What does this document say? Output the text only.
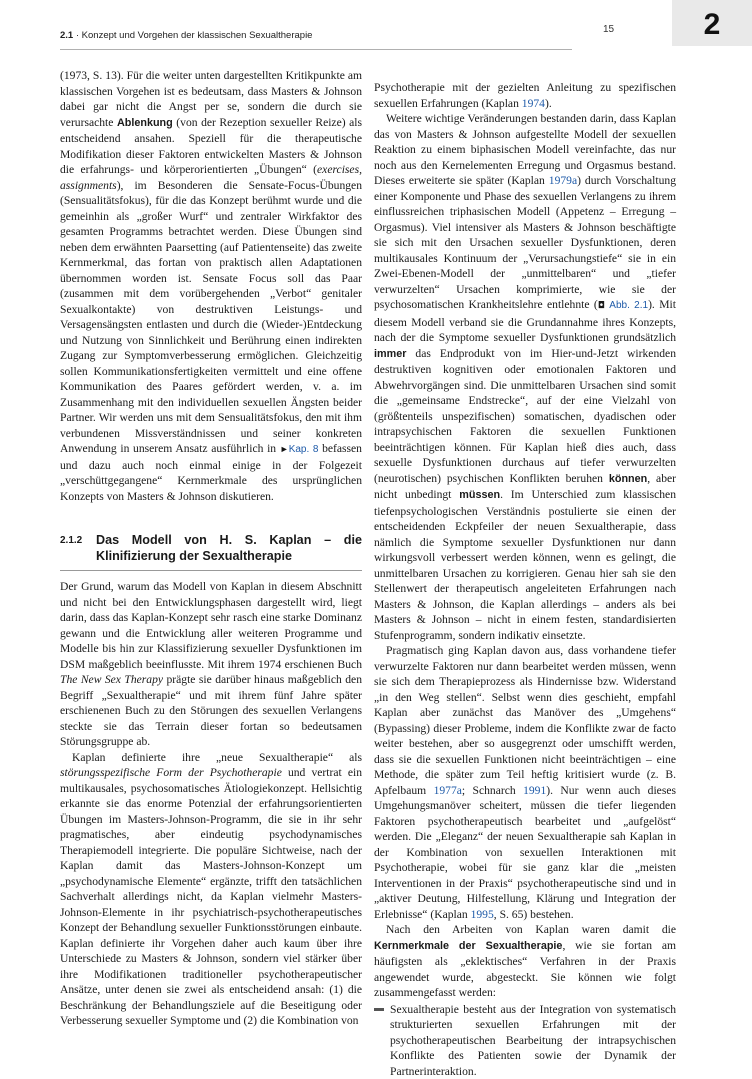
2.1 · Konzept und Vorgehen der klassischen Sexualtherapie
15	2

(1973, S. 13). Für die weiter unten dargestellten Kritikpunkte am klassischen Vorgehen ist es bedeutsam, dass Masters & Johnson dabei gar nicht die Angst per se, sondern die durch sie verursachte Ablenkung (von der Rezeption sexueller Reize) als entscheidend ansahen. Speziell für die therapeutische Modifikation dieser Faktoren entwickelten Masters & Johnson die erfahrungs- und körperorientierten „Übungen“ (exercises, assignments), im Besonderen die Sensate-Focus-Übungen (Sensualitätsfokus), für die das Konzept berühmt wurde und die gemeinhin als „großer Wurf“ und zentraler Wirkfaktor des gesamten Programms betrachtet werden. Diese Übungen sind neben dem erwähnten Paarsetting (auf Patientenseite) das zweite Kernmerkmal, das fortan von praktisch allen Adaptationen übernommen worden ist. Sensate Focus soll das Paar (zusammen mit dem vorübergehenden „Verbot“ genitaler Sexualkontakte) von destruktiven Leistungs- und Versagensängsten entlasten und durch die (Wieder-)Entdeckung und Nutzung von Sinnlichkeit und Berührung einen indirekten Zugang zur Symptomverbesserung ermöglichen. Gleichzeitig sollen Kommunikationsfertigkeiten vermittelt und eine offene Kommunikation des Paares gefördert werden, v. a. im Zusammenhang mit den individuellen sexuellen Ängsten beider Partner. Wir werden uns mit dem Sensualitätsfokus, den mit ihm verbundenen Missverständnissen und seiner konkreten Anwendung in unserem Ansatz ausführlich in ►Kap. 8 befassen und dazu auch noch einmal einige in der Folgezeit „verschüttgegangene“ Kernmerkmale des ursprünglichen Konzepts von Masters & Johnson diskutieren.

2.1.2	Das Modell von H. S. Kaplan – die Klinifizierung der Sexualtherapie

Der Grund, warum das Modell von Kaplan in diesem Abschnitt und nicht bei den Entwicklungsphasen dargestellt wird, liegt darin, dass das Kaplan-Konzept sehr rasch eine starke Dominanz gewann und die Entwicklung aller weiteren Programme und Modelle bis hin zur Klassifizierung sexueller Dysfunktionen im DSM maßgeblich beeinflusste. Mit ihrem 1974 erschienen Buch The New Sex Therapy prägte sie darüber hinaus maßgeblich den Begriff „Sexualtherapie“ und mit ihrem fünf Jahre später erschienenen Buch zu den Störungen des sexuellen Verlangens steckte sie das Terrain dieser fortan so bedeutsamen Störungsgruppe ab.

Kaplan definierte ihre „neue Sexualtherapie“ als störungsspezifische Form der Psychotherapie und vertrat ein multikausales, psychosomatisches Ätiologiekonzept. Hellsichtig erkannte sie das enorme Potenzial der erfahrungsorientierten Übungen im Masters-Johnson-Programm, die sie in ihr sehr pragmatisches, aber eindeutig psychodynamisches Therapiemodell integrierte. Die populäre Sichtweise, nach der Kaplan damit das Masters-Johnson-Konzept um „psychodynamische Elemente“ ergänzte, trifft den tatsächlichen Sachverhalt allerdings nicht, da Kaplan vielmehr Masters-Johnson-Elemente in ihr psychiatrisch-psychotherapeutisches Konzept der Behandlung sexueller Funktionsstörungen einbaute. Kaplan definierte ihr Vorgehen daher auch kaum über ihre Unterschiede zu Masters & Johnson, sondern viel stärker über ihre Modifikationen traditioneller psychotherapeutischer Ansätze, unter denen sie zwei als entscheidend ansah: (1) die Beschränkung der Behandlungsziele auf die Beseitigung oder Verbesserung sexueller Symptome und (2) die Kombination von

Psychotherapie mit der gezielten Anleitung zu spezifischen sexuellen Erfahrungen (Kaplan 1974).

Weitere wichtige Veränderungen bestanden darin, dass Kaplan das von Masters & Johnson aufgestellte Modell der sexuellen Reaktion zu einem biphasischen Modell vereinfachte, das nur noch aus den Kernelementen Erregung und Orgasmus bestand. Dieses erweiterte sie später (Kaplan 1979a) durch Vorschaltung einer Komponente und Phase des sexuellen Verlangens zu ihrem einflussreichen triphasischen Modell (Appetenz – Erregung – Orgasmus). Viel intensiver als Masters & Johnson beschäftigte sie sich mit den Ursachen sexueller Dysfunktionen, deren multikausales Kontinuum der „Verursachungstiefe“ sie in ein Zwei-Ebenen-Modell der „unmittelbaren“ und „tiefer verwurzelten“ Ursachen komprimierte, wie sie der psychosomatischen Krankheitslehre entlehnte (◘ Abb. 2.1). Mit diesem Modell verband sie die Grundannahme ihres Konzepts, nach der die Symptome sexueller Dysfunktionen grundsätzlich immer das Endprodukt von im Hier-und-Jetzt wirkenden destruktiven kognitiven oder emotionalen Faktoren und Abwehrvorgängen sind. Die unmittelbaren Ursachen sind somit die „gemeinsame Endstrecke“, auf der eine Vielzahl von (größtenteils unspezifischen) somatischen, dyadischen oder intrapsychischen Faktoren die sexuellen Funktionen beeinträchtigen können. Für Kaplan hieß dies auch, dass sexuelle Dysfunktionen durchaus auf tiefer verwurzelten (neurotischen) psychischen Konflikten beruhen können, aber nicht unbedingt müssen. Im Unterschied zum klassischen tiefenpsychologischen Verständnis postulierte sie einen der entscheidenden Eckpfeiler der neuen Sexualtherapie, dass nämlich die Symptome sexueller Dysfunktionen nur dann wirkungsvoll verbessert werden können, wenn es gelingt, die unmittelbaren Ursachen zu korrigieren. Genau hier sah sie den Stellenwert der therapeutisch angeleiteten Erfahrungen nach Masters & Johnson, die Kaplan allerdings – anders als bei Masters & Johnson – nicht in einem festen, standardisierten Stufenprogramm, sondern indikativ einsetzte.

Pragmatisch ging Kaplan davon aus, dass vorhandene tiefer verwurzelte Faktoren nur dann bearbeitet werden müssen, wenn sie sich dem Therapieprozess als Hindernisse bzw. Widerstand „in den Weg stellen“. Selbst wenn dies geschieht, empfahl Kaplan aber zunächst das Manöver des „Umgehens“ (Bypassing) dieser Probleme, indem die Konflikte zwar de facto weiter bestehen, aber so ausgegrenzt oder umschifft werden, dass sie die sexuellen Funktionen nicht beeinträchtigen – eine Methode, die später zum Teil heftig kritisiert wurde (z. B. Apfelbaum 1977a; Schnarch 1991). Nur wenn auch dieses Umgehungsmanöver scheitert, müssen die tiefer liegenden Faktoren psychotherapeutisch bearbeitet und „aufgelöst“ werden. Die „Eleganz“ der neuen Sexualtherapie sah Kaplan in der Kombination von sexuellen Interaktionen mit Psychotherapie, wobei für sie ganz klar die „meisten Interventionen in der Praxis“ psychotherapeutische sind und in „aktiver Deutung, Hilfestellung, Klärung und Integration der Erlebnisse“ (Kaplan 1995, S. 65) bestehen.

Nach den Arbeiten von Kaplan waren damit die Kernmerkmale der Sexualtherapie, wie sie fortan am häufigsten als „eklektisches“ Verfahren in der Praxis angewendet wurde, abgesteckt. Sie können wie folgt zusammengefasst werden:

Sexualtherapie besteht aus der Integration von systematisch strukturierten sexuellen Erfahrungen mit der psychotherapeutischen Bearbeitung der intrapsychischen Konflikte des Patienten sowie der Dynamik der Partnerinteraktion.
